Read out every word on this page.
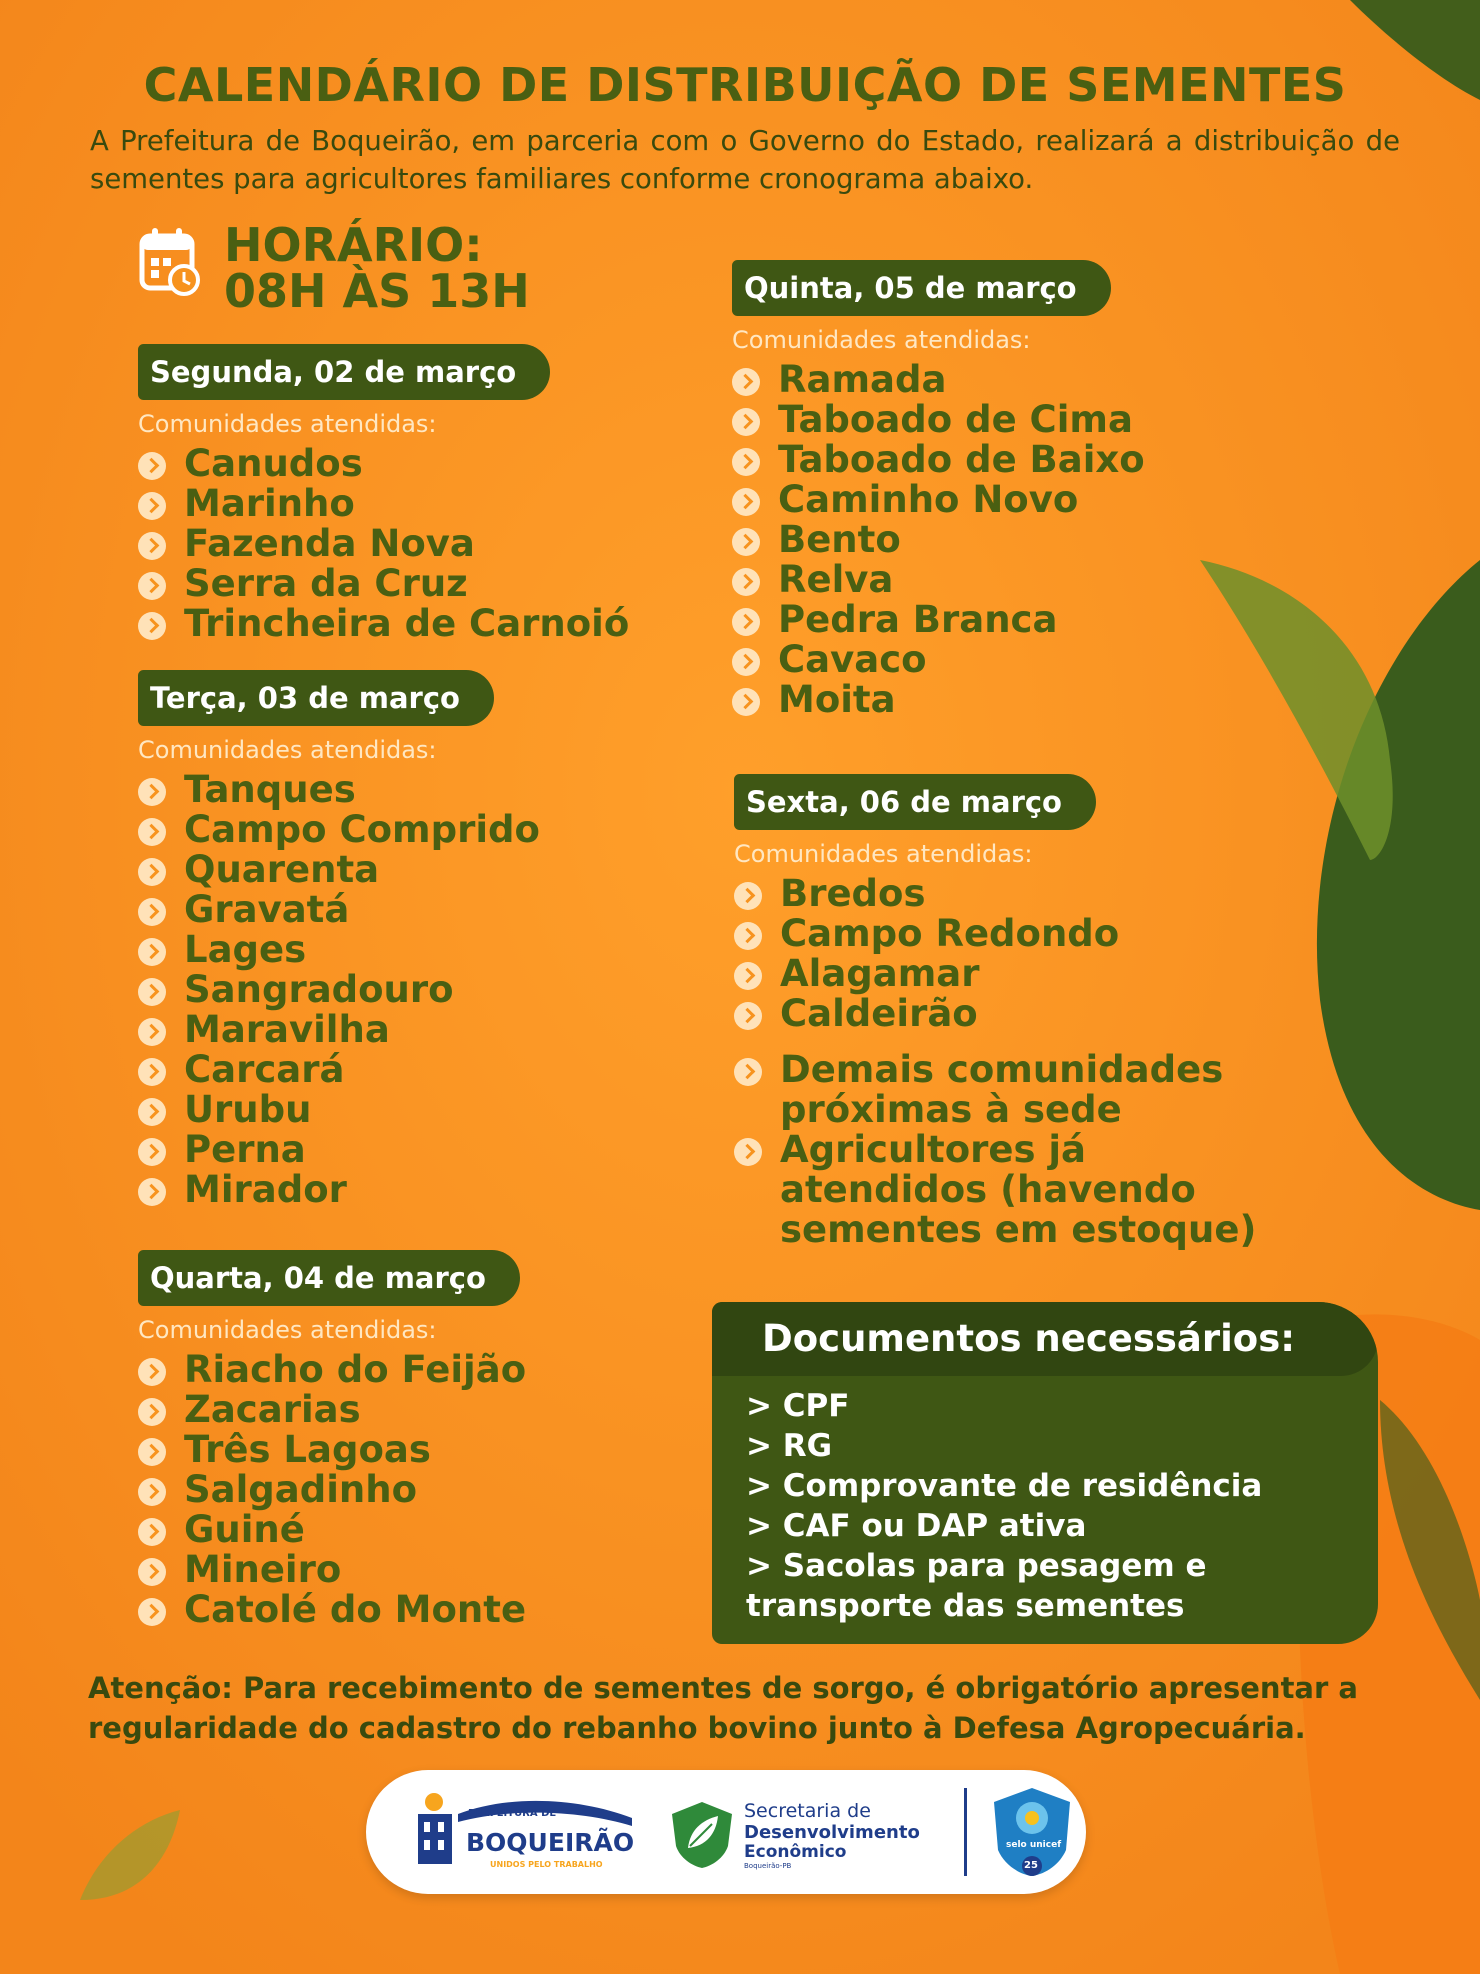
CALENDÁRIO DE DISTRIBUIÇÃO DE SEMENTES

A Prefeitura de Boqueirão, em parceria com o Governo do Estado, realizará a distribuição de sementes para agricultores familiares conforme cronograma abaixo.

HORÁRIO:
08H ÀS 13H
Segunda, 02 de março
Comunidades atendidas:
Canudos
Marinho
Fazenda Nova
Serra da Cruz
Trincheira de Carnoió
Terça, 03 de março
Comunidades atendidas:
Tanques
Campo Comprido
Quarenta
Gravatá
Lages
Sangradouro
Maravilha
Carcará
Urubu
Perna
Mirador
Quarta, 04 de março
Comunidades atendidas:
Riacho do Feijão
Zacarias
Três Lagoas
Salgadinho
Guiné
Mineiro
Catolé do Monte
Quinta, 05 de março
Comunidades atendidas:
Ramada
Taboado de Cima
Taboado de Baixo
Caminho Novo
Bento
Relva
Pedra Branca
Cavaco
Moita
Sexta, 06 de março
Comunidades atendidas:
Bredos
Campo Redondo
Alagamar
Caldeirão
Demais comunidades próximas à sede
Agricultores já atendidos (havendo sementes em estoque)
Documentos necessários:
> CPF
> RG
> Comprovante de residência
> CAF ou DAP ativa
> Sacolas para pesagem e transporte das sementes

Atenção: Para recebimento de sementes de sorgo, é obrigatório apresentar a regularidade do cadastro do rebanho bovino junto à Defesa Agropecuária.

PREFEITURA DE
BOQUEIRÃO
UNIDOS PELO TRABALHO
Secretaria de
Desenvolvimento
Econômico
Boqueirão-PB
selo unicef
25
